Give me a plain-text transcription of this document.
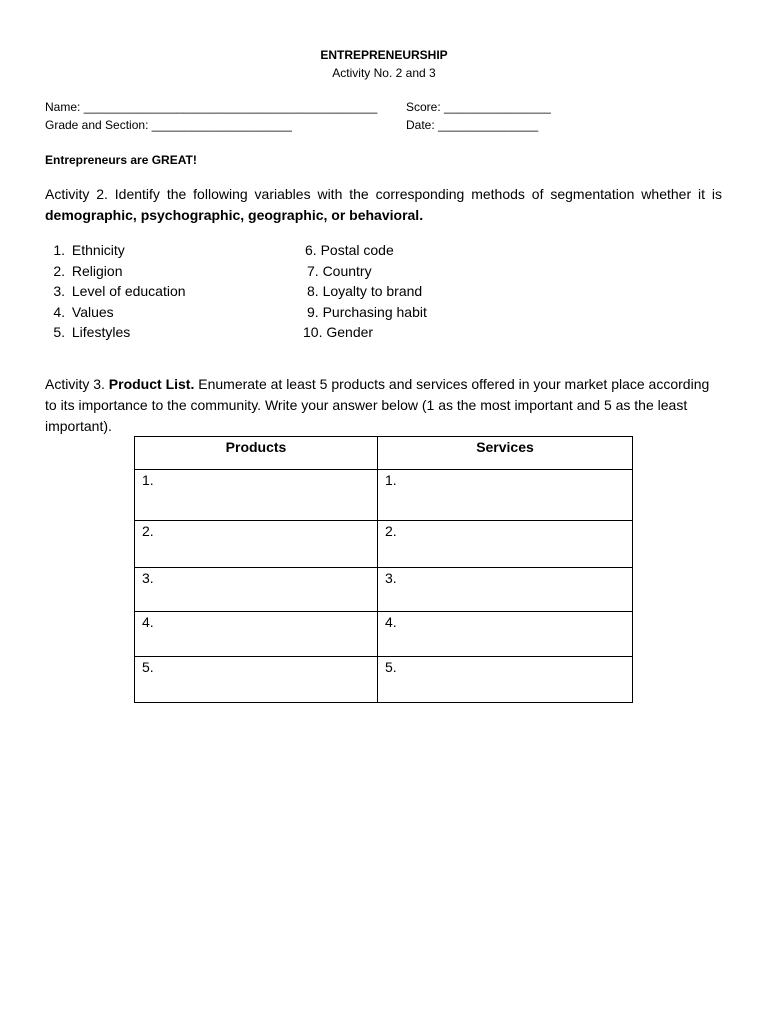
ENTREPRENEURSHIP
Activity No. 2 and 3
Name: ____________________________________________ Score: ________________
Grade and Section: _____________________	Date: _______________
Entrepreneurs are GREAT!
Activity 2. Identify the following variables with the corresponding methods of segmentation whether it is demographic, psychographic, geographic, or behavioral.
1. Ethnicity
2. Religion
3. Level of education
4. Values
5. Lifestyles
6. Postal code
7. Country
8. Loyalty to brand
9. Purchasing habit
10. Gender
Activity 3. Product List. Enumerate at least 5 products and services offered in your market place according to its importance to the community. Write your answer below (1 as the most important and 5 as the least important).
Products	Services
1.	1.
2.	2.
3.	3.
4.	4.
5.	5.
